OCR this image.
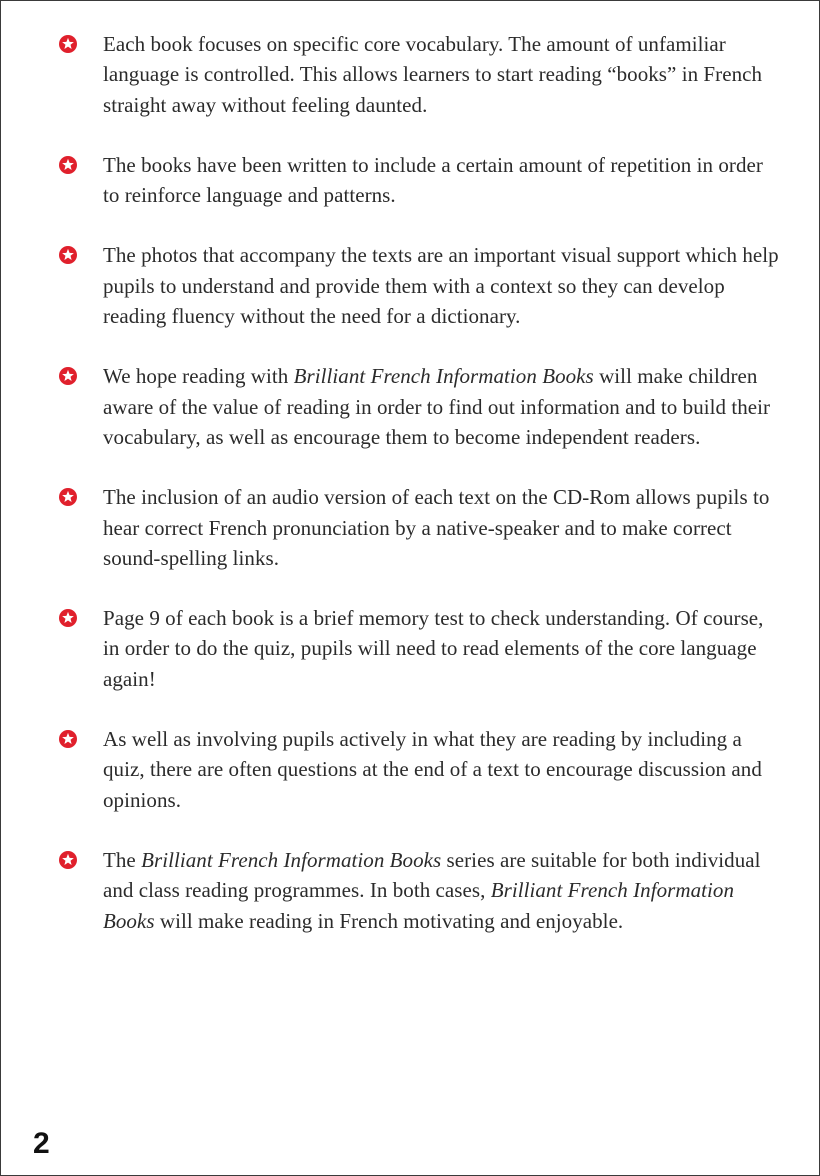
Each book focuses on specific core vocabulary. The amount of unfamiliar language is controlled. This allows learners to start reading “books” in French straight away without feeling daunted.
The books have been written to include a certain amount of repetition in order to reinforce language and patterns.
The photos that accompany the texts are an important visual support which help pupils to understand and provide them with a context so they can develop reading fluency without the need for a dictionary.
We hope reading with Brilliant French Information Books will make children aware of the value of reading in order to find out information and to build their vocabulary, as well as encourage them to become independent readers.
The inclusion of an audio version of each text on the CD-Rom allows pupils to hear correct French pronunciation by a native-speaker and to make correct sound-spelling links.
Page 9 of each book is a brief memory test to check understanding. Of course, in order to do the quiz, pupils will need to read elements of the core language again!
As well as involving pupils actively in what they are reading by including a quiz, there are often questions at the end of a text to encourage discussion and opinions.
The Brilliant French Information Books series are suitable for both individual and class reading programmes. In both cases, Brilliant French Information Books will make reading in French motivating and enjoyable.
2
